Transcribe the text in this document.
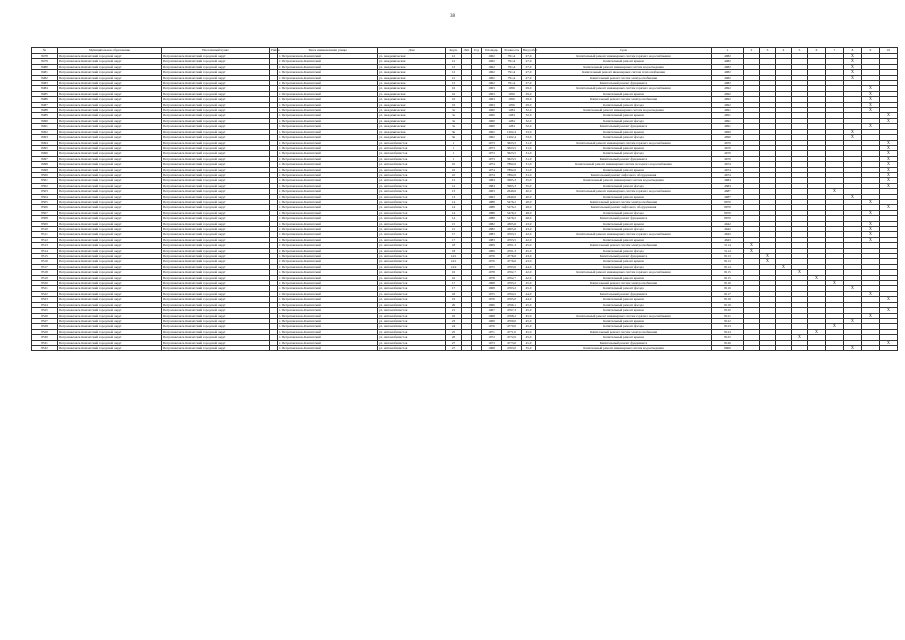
38
№	Муниципальное образование	Населенный пункт	Район	Тип и наименование улицы	Дом	Корп.	Лит.	Год	Площадь	Этажность	Вид работ	Срок	1	2	3	4	5	6	7	8	9	10	
8478	Петропавловск-Камчатский городской округ	Петропавловск-Камчатский городской округ		г. Петропавловск-Камчатский	ул. Академическая	12			1962	791,4	27,0	Капитальный ремонт инженерных систем горячего водоснабжения	4982							X			
8479	Петропавловск-Камчатский городской округ	Петропавловск-Камчатский городской округ		г. Петропавловск-Камчатский	ул. Академическая	12			1962	791,4	27,0	Капитальный ремонт крыши	4982							X			
8480	Петропавловск-Камчатский городской округ	Петропавловск-Камчатский городской округ		г. Петропавловск-Камчатский	ул. Академическая	12			1962	791,4	27,0	Капитальный ремонт инженерных систем водоотведения	4982							X			
8481	Петропавловск-Камчатский городской округ	Петропавловск-Камчатский городской округ		г. Петропавловск-Камчатский	ул. Академическая	12			1962	791,4	27,0	Капитальный ремонт инженерных систем теплоснабжения	4982							X			
8482	Петропавловск-Камчатский городской округ	Петропавловск-Камчатский городской округ		г. Петропавловск-Камчатский	ул. Академическая	12			1962	791,4	27,0	Капитальный ремонт систем электроснабжения	4982							X			
8483	Петропавловск-Камчатский городской округ	Петропавловск-Камчатский городской округ		г. Петропавловск-Камчатский	ул. Академическая	12			1962	791,4	27,0	Капитальный ремонт фундамента	4982										
8484	Петропавловск-Камчатский городской округ	Петропавловск-Камчатский городской округ		г. Петропавловск-Камчатский	ул. Академическая	16			1963	1056	29,0	Капитальный ремонт инженерных систем горячего водоснабжения	4692								X		
8485	Петропавловск-Камчатский городской округ	Петропавловск-Камчатский городской округ		г. Петропавловск-Камчатский	ул. Академическая	16			1963	1056	29,0	Капитальный ремонт крыши	4692								X		
8486	Петропавловск-Камчатский городской округ	Петропавловск-Камчатский городской округ		г. Петропавловск-Камчатский	ул. Академическая	16			1963	1056	29,0	Капитальный ремонт систем электроснабжения	4692								X		
8487	Петропавловск-Камчатский городской округ	Петропавловск-Камчатский городской округ		г. Петропавловск-Камчатский	ул. Академическая	16			1963	1056	29,0	Капитальный ремонт фасада	4692								X		
8488	Петропавловск-Камчатский городской округ	Петропавловск-Камчатский городской округ		г. Петропавловск-Камчатский	ул. Академическая	3а			1960	1284	32,0	Капитальный ремонт инженерных систем водоотведения	4691								X		
8489	Петропавловск-Камчатский городской округ	Петропавловск-Камчатский городской округ		г. Петропавловск-Камчатский	ул. Академическая	3а			1960	1284	32,0	Капитальный ремонт крыши	4691									X	
8490	Петропавловск-Камчатский городской округ	Петропавловск-Камчатский городской округ		г. Петропавловск-Камчатский	ул. Академическая	3а			1960	1284	32,0	Капитальный ремонт фасада	4691									X	
8491	Петропавловск-Камчатский городской округ	Петропавловск-Камчатский городской округ		г. Петропавловск-Камчатский	ул. Академическая	3а			1960	1284	32,0	Капитальный ремонт фундамента	4691								X		
8492	Петропавловск-Камчатский городской округ	Петропавловск-Камчатский городской округ		г. Петропавловск-Камчатский	ул. Академическая	3в			1962	1262,4	33,0	Капитальный ремонт крыши	4690							X			
8493	Петропавловск-Камчатский городской округ	Петропавловск-Камчатский городской округ		г. Петропавловск-Камчатский	ул. Академическая	3в			1962	1262,4	33,0	Капитальный ремонт фасада	4690							X			
8494	Петропавловск-Камчатский городской округ	Петропавловск-Камчатский городской округ		г. Петропавловск-Камчатский	ул. Автомобилистов	1			1973	3623,5	31,0	Капитальный ремонт инженерных систем горячего водоснабжения	4670									X	
8495	Петропавловск-Камчатский городской округ	Петропавловск-Камчатский городской округ		г. Петропавловск-Камчатский	ул. Автомобилистов	1			1973	3623,5	31,0	Капитальный ремонт крыши	4670									X	
8496	Петропавловск-Камчатский городской округ	Петропавловск-Камчатский городской округ		г. Петропавловск-Камчатский	ул. Автомобилистов	1			1973	3623,5	31,0	Капитальный ремонт фасада	4670									X	
8497	Петропавловск-Камчатский городской округ	Петропавловск-Камчатский городской округ		г. Петропавловск-Камчатский	ул. Автомобилистов	1			1973	3623,5	31,0	Капитальный ремонт фундамента	4670									X	
8498	Петропавловск-Камчатский городской округ	Петропавловск-Камчатский городской округ		г. Петропавловск-Камчатский	ул. Автомобилистов	10			1974	7892,6	31,0	Капитальный ремонт инженерных систем холодного водоснабжения	4674									X	
8499	Петропавловск-Камчатский городской округ	Петропавловск-Камчатский городской округ		г. Петропавловск-Камчатский	ул. Автомобилистов	10			1974	7892,6	31,0	Капитальный ремонт крыши	4674									X	
8500	Петропавловск-Камчатский городской округ	Петропавловск-Камчатский городской округ		г. Петропавловск-Камчатский	ул. Автомобилистов	10			1974	7892,6	31,0	Капитальный ремонт лифтового оборудования	4674									X	
8501	Петропавловск-Камчатский городской округ	Петропавловск-Камчатский городской округ		г. Петропавловск-Камчатский	ул. Автомобилистов	12			1984	3965,3	35,0	Капитальный ремонт инженерных систем водоотведения	4684									X	
8502	Петропавловск-Камчатский городской округ	Петропавловск-Камчатский городской округ		г. Петропавловск-Камчатский	ул. Автомобилистов	12			1984	3965,3	35,0	Капитальный ремонт фасада	4684									X	
8503	Петропавловск-Камчатский городской округ	Петропавловск-Камчатский городской округ		г. Петропавловск-Камчатский	ул. Автомобилистов	13			1963	2640,6	40,0	Капитальный ремонт инженерных систем горячего водоснабжения	4687						X				
8504	Петропавловск-Камчатский городской округ	Петропавловск-Камчатский городской округ		г. Петропавловск-Камчатский	ул. Автомобилистов	13			1963	2640,6	40,0	Капитальный ремонт крыши	4687							X			
8505	Петропавловск-Камчатский городской округ	Петропавловск-Камчатский городской округ		г. Петропавловск-Камчатский	ул. Автомобилистов	14			1988	5476,2	48,0	Капитальный ремонт систем электроснабжения	8970								X		
8506	Петропавловск-Камчатский городской округ	Петропавловск-Камчатский городской округ		г. Петропавловск-Камчатский	ул. Автомобилистов	14			1988	5476,2	48,0	Капитальный ремонт лифтового оборудования	8970									X	
8507	Петропавловск-Камчатский городской округ	Петропавловск-Камчатский городской округ		г. Петропавловск-Камчатский	ул. Автомобилистов	14			1988	5476,2	48,0	Капитальный ремонт фасада	8970								X		
8508	Петропавловск-Камчатский городской округ	Петропавловск-Камчатский городской округ		г. Петропавловск-Камчатский	ул. Автомобилистов	14			1988	5476,2	48,0	Капитальный ремонт фундамента	8970										
8509	Петропавловск-Камчатский городской округ	Петропавловск-Камчатский городской округ		г. Петропавловск-Камчатский	ул. Автомобилистов	15			1982	4305,6	43,0	Капитальный ремонт крыши	4642								X		
8510	Петропавловск-Камчатский городской округ	Петропавловск-Камчатский городской округ		г. Петропавловск-Камчатский	ул. Автомобилистов	15			1982	4305,6	43,0	Капитальный ремонт фасада	4642								X		
8511	Петропавловск-Камчатский городской округ	Петропавловск-Камчатский городской округ		г. Петропавловск-Камчатский	ул. Автомобилистов	17			1983	4763,5	42,0	Капитальный ремонт инженерных систем горячего водоснабжения	4643								X		
8512	Петропавловск-Камчатский городской округ	Петропавловск-Камчатский городской округ		г. Петропавловск-Камчатский	ул. Автомобилистов	17			1983	4763,5	42,0	Капитальный ремонт крыши	4643								X		
8513	Петропавловск-Камчатский городской округ	Петропавловск-Камчатский городской округ		г. Петропавловск-Камчатский	ул. Автомобилистов	18			1969	4761,3	45,0	Капитальный ремонт систем электроснабжения	5114	X									
8514	Петропавловск-Камчатский городской округ	Петропавловск-Камчатский городской округ		г. Петропавловск-Камчатский	ул. Автомобилистов	18			1969	4761,3	45,0	Капитальный ремонт фасада	5114	X									
8515	Петропавловск-Камчатский городской округ	Петропавловск-Камчатский городской округ		г. Петропавловск-Камчатский	ул. Автомобилистов	14/1			1976	4776,6	43,0	Капитальный ремонт фундамента	8113		X								
8516	Петропавловск-Камчатский городской округ	Петропавловск-Камчатский городской округ		г. Петропавловск-Камчатский	ул. Автомобилистов	14/1			1976	4776,6	43,0	Капитальный ремонт крыши	8113		X								
8517	Петропавловск-Камчатский городской округ	Петропавловск-Камчатский городской округ		г. Петропавловск-Камчатский	ул. Автомобилистов	14/2			1975	4763,0	44,0	Капитальный ремонт фасада	8114			X							
8518	Петропавловск-Камчатский городской округ	Петропавловск-Камчатский городской округ		г. Петропавловск-Камчатский	ул. Автомобилистов	16			1978	4762,7	42,0	Капитальный ремонт инженерных систем горячего водоснабжения	8115				X						
8519	Петропавловск-Камчатский городской округ	Петропавловск-Камчатский городской округ		г. Петропавловск-Камчатский	ул. Автомобилистов	16			1978	4762,7	42,0	Капитальный ремонт крыши	8115					X					
8520	Петропавловск-Камчатский городской округ	Петропавловск-Камчатский городской округ		г. Петропавловск-Камчатский	ул. Автомобилистов	17			1968	4763,2	45,0	Капитальный ремонт систем электроснабжения	8116						X				
8521	Петропавловск-Камчатский городской округ	Петропавловск-Камчатский городской округ		г. Петропавловск-Камчатский	ул. Автомобилистов	17			1968	4763,2	45,0	Капитальный ремонт фасада	8116							X			
8522	Петропавловск-Камчатский городской округ	Петропавловск-Камчатский городской округ		г. Петропавловск-Камчатский	ул. Автомобилистов	18			1975	4764,5	44,0	Капитальный ремонт фундамента	8117								X		
8523	Петропавловск-Камчатский городской округ	Петропавловск-Камчатский городской округ		г. Петропавловск-Камчатский	ул. Автомобилистов	19			1976	4765,0	44,0	Капитальный ремонт крыши	8118									X	
8524	Петропавловск-Камчатский городской округ	Петропавловск-Камчатский городской округ		г. Петропавловск-Камчатский	ул. Автомобилистов	20			1966	4766,1	45,0	Капитальный ремонт фасада	8119										
8525	Петропавловск-Камчатский городской округ	Петропавловск-Камчатский городской округ		г. Петропавловск-Камчатский	ул. Автомобилистов	21			1967	4767,3	45,0	Капитальный ремонт крыши	8120									X	
8526	Петропавловск-Камчатский городской округ	Петропавловск-Камчатский городской округ		г. Петропавловск-Камчатский	ул. Автомобилистов	22			1968	4768,2	45,0	Капитальный ремонт инженерных систем горячего водоснабжения	8121								X		
8527	Петропавловск-Камчатский городской округ	Петропавловск-Камчатский городской округ		г. Петропавловск-Камчатский	ул. Автомобилистов	23			1969	4769,0	45,0	Капитальный ремонт крыши	8122							X			
8528	Петропавловск-Камчатский городской округ	Петропавловск-Камчатский городской округ		г. Петропавловск-Камчатский	ул. Автомобилистов	24			1970	4770,0	45,0	Капитальный ремонт фасада	8123						X				
8529	Петропавловск-Камчатский городской округ	Петропавловск-Камчатский городской округ		г. Петропавловск-Камчатский	ул. Автомобилистов	25			1971	4771,0	45,0	Капитальный ремонт систем электроснабжения	8124					X					
8530	Петропавловск-Камчатский городской округ	Петропавловск-Камчатский городской округ		г. Петропавловск-Камчатский	ул. Автомобилистов	26			1972	4772,0	45,0	Капитальный ремонт крыши	8125				X						
8531	Петропавловск-Камчатский городской округ	Петропавловск-Камчатский городской округ		г. Петропавловск-Камчатский	ул. Автомобилистов	27			1973	4773,0	45,0	Капитальный ремонт фундамента	8126									X	
8532	Петропавловск-Камчатский городской округ	Петропавловск-Камчатский городской округ		г. Петропавловск-Камчатский	ул. Автомобилистов	27			1968	4763,0	35,0	Капитальный ремонт инженерных систем водоотведения	8606							X			
